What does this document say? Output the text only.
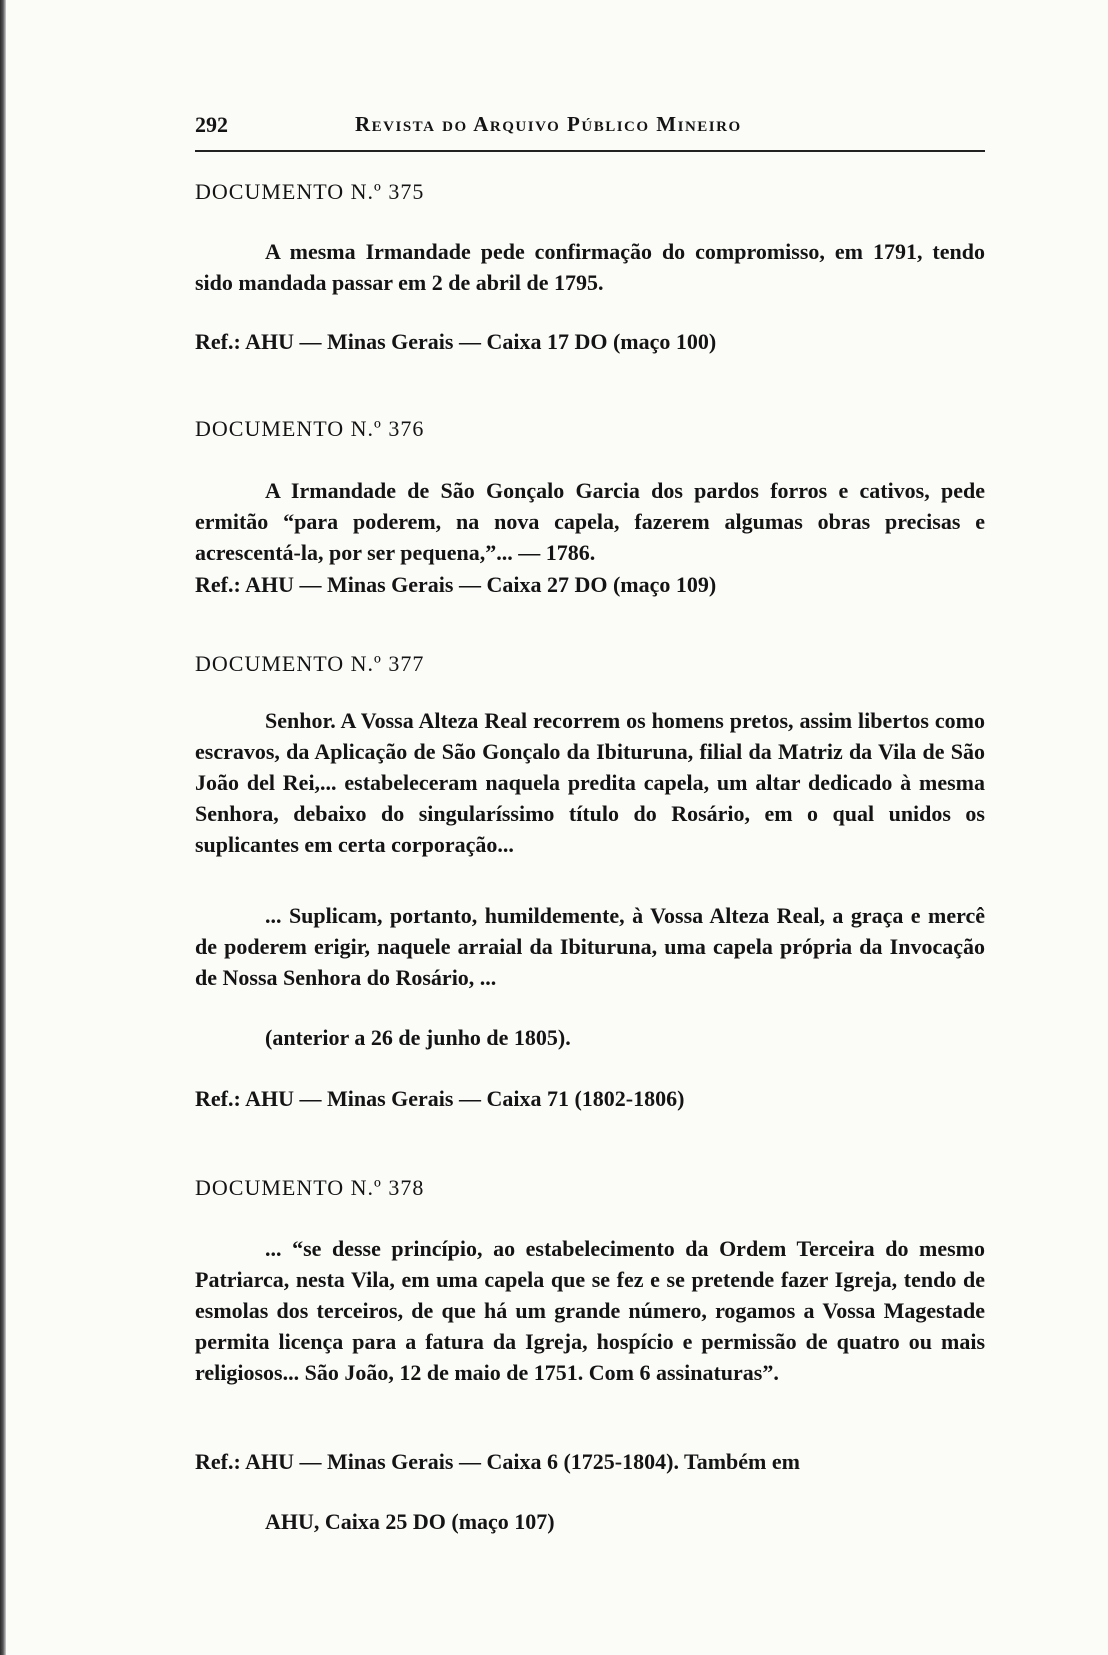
292	Revista do Arquivo Público Mineiro
DOCUMENTO N.º 375
A mesma Irmandade pede confirmação do compromisso, em 1791, tendo sido mandada passar em 2 de abril de 1795.
Ref.: AHU — Minas Gerais — Caixa 17 DO (maço 100)
DOCUMENTO N.º 376
A Irmandade de São Gonçalo Garcia dos pardos forros e cativos, pede ermitão “para poderem, na nova capela, fazerem algumas obras precisas e acrescentá-la, por ser pequena,”... — 1786.
Ref.: AHU — Minas Gerais — Caixa 27 DO (maço 109)
DOCUMENTO N.º 377
Senhor. A Vossa Alteza Real recorrem os homens pretos, assim libertos como escravos, da Aplicação de São Gonçalo da Ibituruna, filial da Matriz da Vila de São João del Rei,... estabeleceram naquela predita capela, um altar dedicado à mesma Senhora, debaixo do singularíssimo título do Rosário, em o qual unidos os suplicantes em certa corporação...
... Suplicam, portanto, humildemente, à Vossa Alteza Real, a graça e mercê de poderem erigir, naquele arraial da Ibituruna, uma capela própria da Invocação de Nossa Senhora do Rosário, ...
(anterior a 26 de junho de 1805).
Ref.: AHU — Minas Gerais — Caixa 71 (1802-1806)
DOCUMENTO N.º 378
... “se desse princípio, ao estabelecimento da Ordem Terceira do mesmo Patriarca, nesta Vila, em uma capela que se fez e se pretende fazer Igreja, tendo de esmolas dos terceiros, de que há um grande número, rogamos a Vossa Magestade permita licença para a fatura da Igreja, hospício e permissão de quatro ou mais religiosos... São João, 12 de maio de 1751. Com 6 assinaturas”.
Ref.: AHU — Minas Gerais — Caixa 6 (1725-1804). Também em
AHU, Caixa 25 DO (maço 107)
